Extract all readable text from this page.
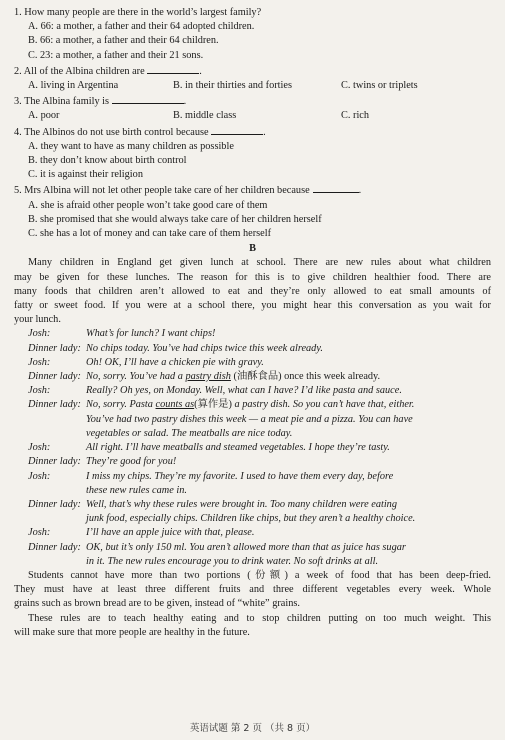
1. How many people are there in the world’s largest family?

A. 66: a mother, a father and their 64 adopted children.

B. 66: a mother, a father and their 64 children.

C. 23: a mother, a father and their 21 sons.

2. All of the Albina children are	.

A. living in Argentina	B. in their thirties and forties	C. twins or triplets

3. The Albina family is	.

A. poor	B. middle class	C. rich

4. The Albinos do not use birth control because	.

A. they want to have as many children as possible

B. they don’t know about birth control

C. it is against their religion

5. Mrs Albina will not let other people take care of her children because	.

A. she is afraid other people won’t take good care of them

B. she promised that she would always take care of her children herself

C. she has a lot of money and can take care of them herself

B

Many children in England get given lunch at school. There are new rules about what children

may be given for these lunches. The reason for this is to give children healthier food. There are

many foods that children aren’t allowed to eat and they’re only allowed to eat small amounts of

fatty or sweet food. If you were at a school there, you might hear this conversation as you wait for

your lunch.

Josh:	What’s for lunch? I want chips!
Dinner lady: No chips today. You’ve had chips twice this week already.
Josh:	Oh! OK, I’ll have a chicken pie with gravy.
Dinner lady: No, sorry. You’ve had a pastry dish (油酥食品) once this week already.
Josh:	Really? Oh yes, on Monday. Well, what can I have? I’d like pasta and sauce.
Dinner lady: No, sorry. Pasta counts as(算作是) a pastry dish. So you can’t have that, either.
You’ve had two pastry dishes this week — a meat pie and a pizza. You can have
vegetables or salad. The meatballs are nice today.
Josh:	All right. I’ll have meatballs and steamed vegetables. I hope they’re tasty.
Dinner lady: They’re good for you!
Josh:	I miss my chips. They’re my favorite. I used to have them every day, before
these new rules came in.
Dinner lady: Well, that’s why these rules were brought in. Too many children were eating
junk food, especially chips. Children like chips, but they aren’t a healthy choice.
Josh:	I’ll have an apple juice with that, please.
Dinner lady: OK, but it’s only 150 ml. You aren’t allowed more than that as juice has sugar
in it. The new rules encourage you to drink water. No soft drinks at all.

Students cannot have more than two portions (份额) a week of food that has been deep-fried.

They must have at least three different fruits and three different vegetables every week. Whole

grains such as brown bread are to be given, instead of “white” grains.

These rules are to teach healthy eating and to stop children putting on too much weight. This

will make sure that more people are healthy in the future.

英语试题 第 2 页 （共 8 页）
